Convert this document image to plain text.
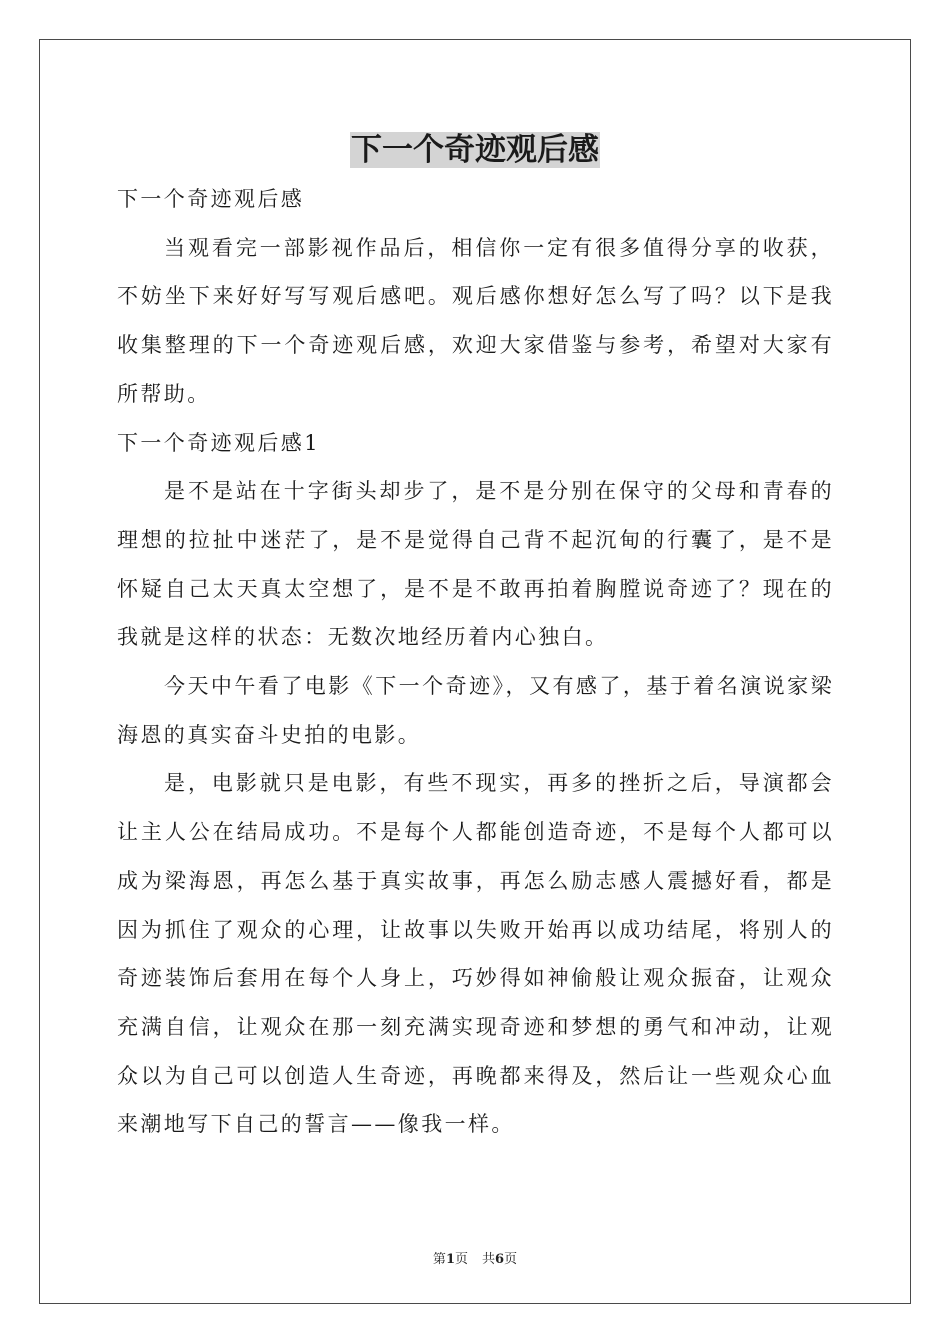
下一个奇迹观后感

下一个奇迹观后感

当观看完一部影视作品后，相信你一定有很多值得分享的收获，不妨坐下来好好写写观后感吧。观后感你想好怎么写了吗？以下是我收集整理的下一个奇迹观后感，欢迎大家借鉴与参考，希望对大家有所帮助。

下一个奇迹观后感1

是不是站在十字街头却步了，是不是分别在保守的父母和青春的理想的拉扯中迷茫了，是不是觉得自己背不起沉甸的行囊了，是不是怀疑自己太天真太空想了，是不是不敢再拍着胸膛说奇迹了？现在的我就是这样的状态：无数次地经历着内心独白。

今天中午看了电影《下一个奇迹》，又有感了，基于着名演说家梁海恩的真实奋斗史拍的电影。

是，电影就只是电影，有些不现实，再多的挫折之后，导演都会让主人公在结局成功。不是每个人都能创造奇迹，不是每个人都可以成为梁海恩，再怎么基于真实故事，再怎么励志感人震撼好看，都是因为抓住了观众的心理，让故事以失败开始再以成功结尾，将别人的奇迹装饰后套用在每个人身上，巧妙得如神偷般让观众振奋，让观众充满自信，让观众在那一刻充满实现奇迹和梦想的勇气和冲动，让观众以为自己可以创造人生奇迹，再晚都来得及，然后让一些观众心血来潮地写下自己的誓言——像我一样。

第1页 共6页
